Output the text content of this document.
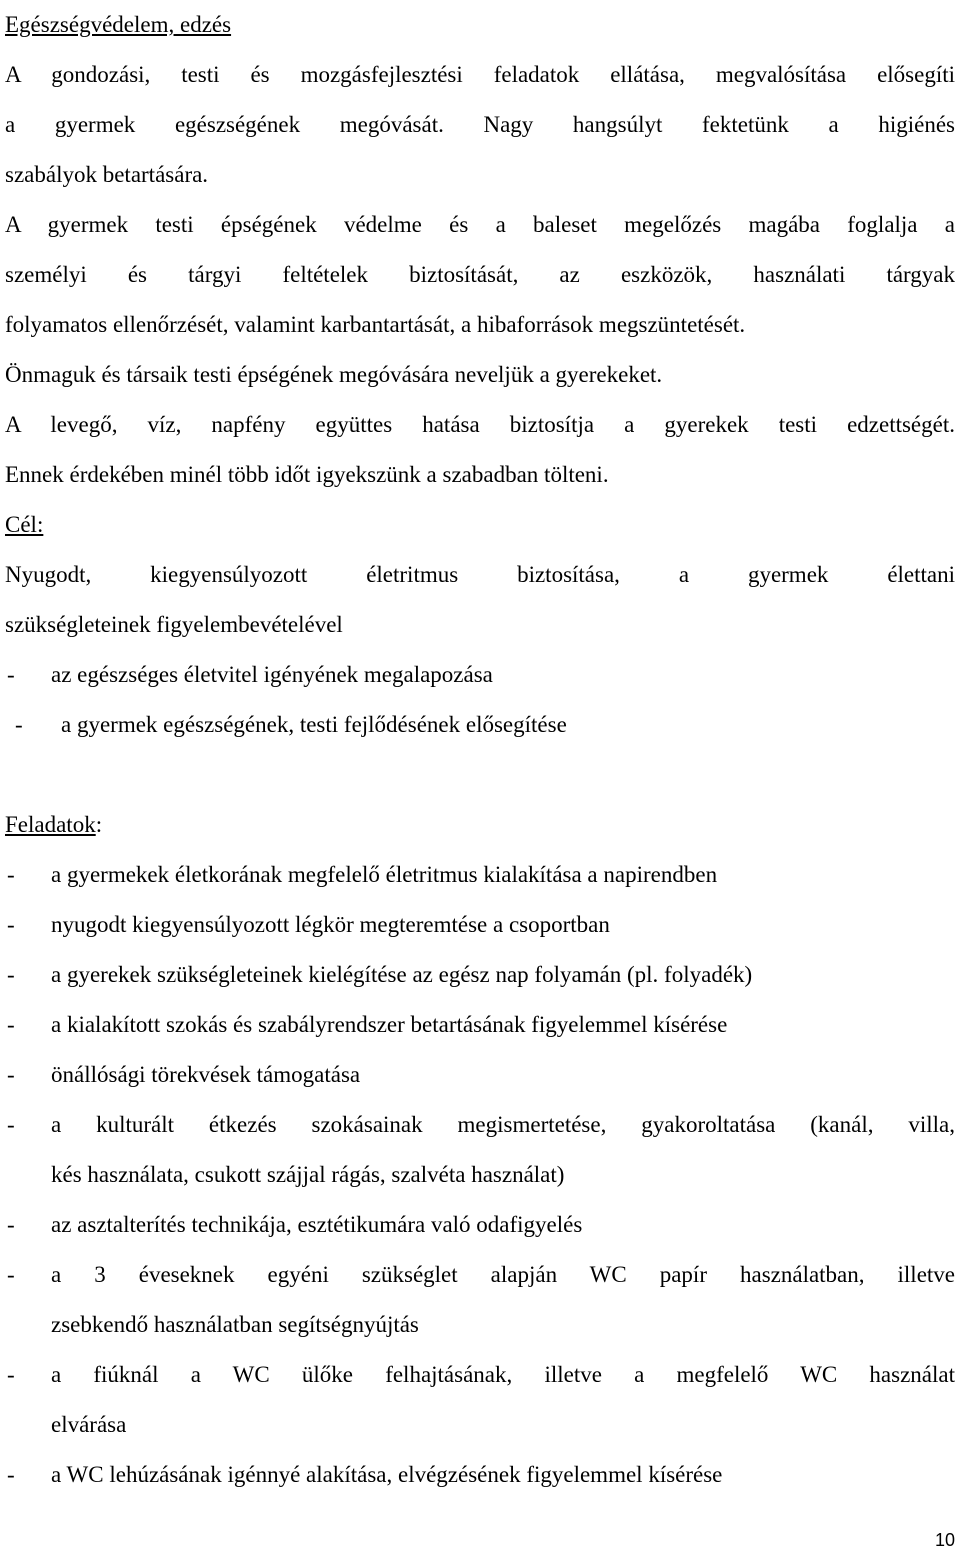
Egészségvédelem, edzés
A gondozási, testi és mozgásfejlesztési feladatok ellátása, megvalósítása elősegíti
a gyermek egészségének megóvását. Nagy hangsúlyt fektetünk a higiénés
szabályok betartására.
A gyermek testi épségének védelme és a baleset megelőzés magába foglalja a
személyi és tárgyi feltételek biztosítását, az eszközök, használati tárgyak
folyamatos ellenőrzését, valamint karbantartását, a hibaforrások megszüntetését.
Önmaguk és társaik testi épségének megóvására neveljük a gyerekeket.
A levegő, víz, napfény együttes hatása biztosítja a gyerekek testi edzettségét.
Ennek érdekében minél több időt igyekszünk a szabadban tölteni.
Cél:
Nyugodt, kiegyensúlyozott életritmus biztosítása, a gyermek élettani
szükségleteinek figyelembevételével
- az egészséges életvitel igényének megalapozása
- a gyermek egészségének, testi fejlődésének elősegítése
Feladatok:
- a gyermekek életkorának megfelelő életritmus kialakítása a napirendben
- nyugodt kiegyensúlyozott légkör megteremtése a csoportban
- a gyerekek szükségleteinek kielégítése az egész nap folyamán (pl. folyadék)
- a kialakított szokás és szabályrendszer betartásának figyelemmel kísérése
- önállósági törekvések támogatása
- a kulturált étkezés szokásainak megismertetése, gyakoroltatása (kanál, villa,
kés használata, csukott szájjal rágás, szalvéta használat)
- az asztalterítés technikája, esztétikumára való odafigyelés
- a 3 éveseknek egyéni szükséglet alapján WC papír használatban, illetve
zsebkendő használatban segítségnyújtás
- a fiúknál a WC ülőke felhajtásának, illetve a megfelelő WC használat
elvárása
- a WC lehúzásának igénnyé alakítása, elvégzésének figyelemmel kísérése
10
